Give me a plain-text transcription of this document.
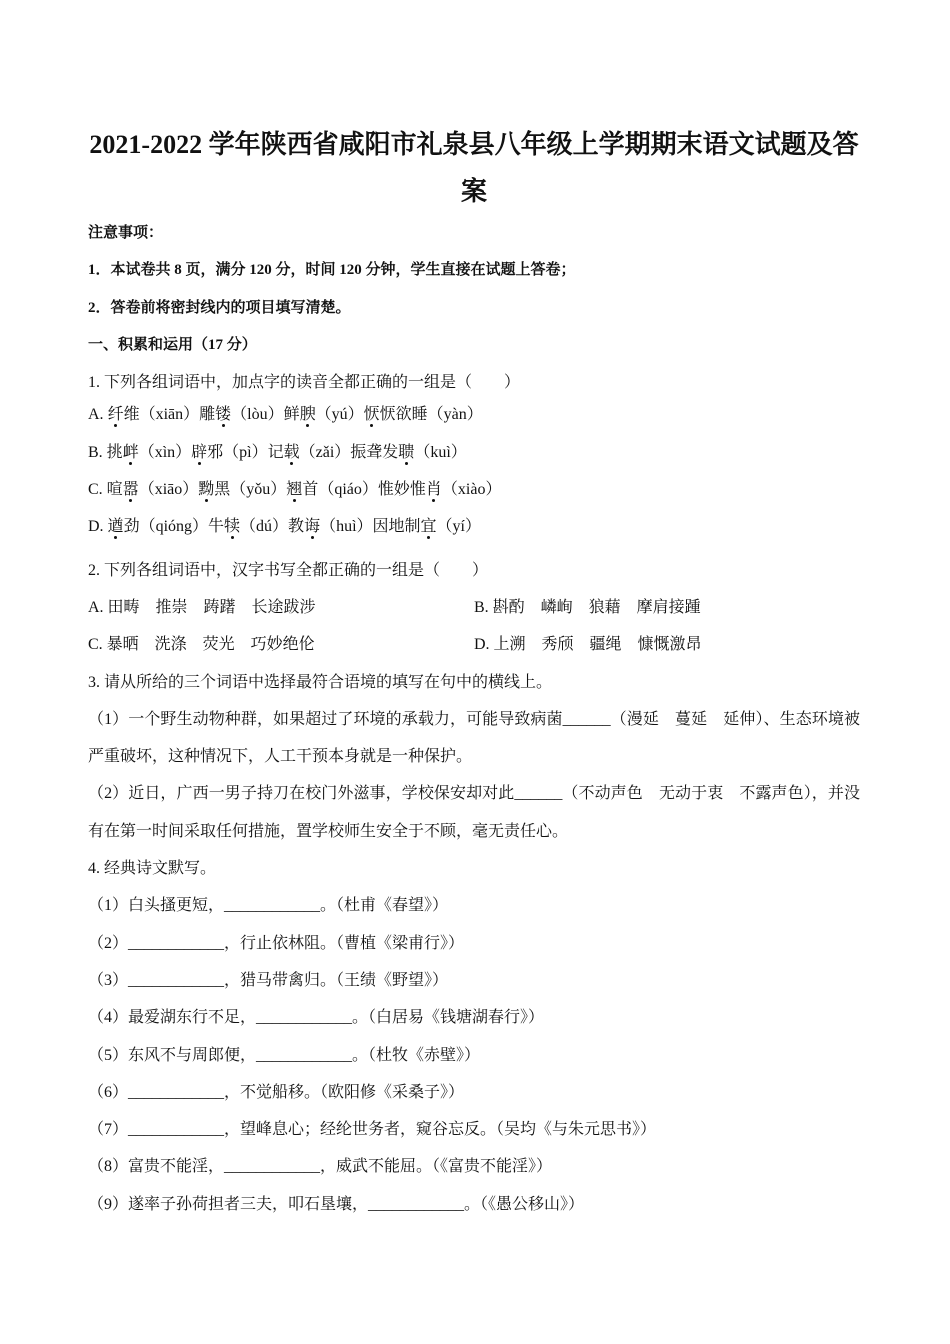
2021-2022 学年陕西省咸阳市礼泉县八年级上学期期末语文试题及答案

注意事项：

1．本试卷共 8 页，满分 120 分，时间 120 分钟，学生直接在试题上答卷；

2．答卷前将密封线内的项目填写清楚。

一、积累和运用（17 分）

1. 下列各组词语中，加点字的读音全都正确的一组是（　　）

A. 纤维（xiān）雕镂（lòu）鲜腴（yú）恹恹欲睡（yàn）

B. 挑衅（xìn）辟邪（pì）记载（zǎi）振聋发聩（kuì）

C. 喧嚣（xiāo）黝黑（yǒu）翘首（qiáo）惟妙惟肖（xiào）

D. 遒劲（qióng）牛犊（dú）教诲（huì）因地制宜（yí）

2. 下列各组词语中，汉字书写全都正确的一组是（　　）

A. 田畴　推崇　踌躇　长途跋涉	B. 斟酌　嶙峋　狼藉　摩肩接踵
C. 暴晒　洗涤　荧光　巧妙绝伦	D. 上溯　秀颀　疆绳　慷慨激昂

3. 请从所给的三个词语中选择最符合语境的填写在句中的横线上。

（1）一个野生动物种群，如果超过了环境的承载力，可能导致病菌______（漫延　蔓延　延伸）、生态环境被严重破坏，这种情况下，人工干预本身就是一种保护。

（2）近日，广西一男子持刀在校门外滋事，学校保安却对此______（不动声色　无动于衷　不露声色），并没有在第一时间采取任何措施，置学校师生安全于不顾，毫无责任心。

4. 经典诗文默写。

（1）白头搔更短，____________。（杜甫《春望》）

（2）____________，行止依林阻。（曹植《梁甫行》）

（3）____________，猎马带禽归。（王绩《野望》）

（4）最爱湖东行不足，____________。（白居易《钱塘湖春行》）

（5）东风不与周郎便，____________。（杜牧《赤壁》）

（6）____________，不觉船移。（欧阳修《采桑子》）

（7）____________，望峰息心；经纶世务者，窥谷忘反。（吴均《与朱元思书》）

（8）富贵不能淫，____________，威武不能屈。（《富贵不能淫》）

（9）遂率子孙荷担者三夫，叩石垦壤，____________。（《愚公移山》）
